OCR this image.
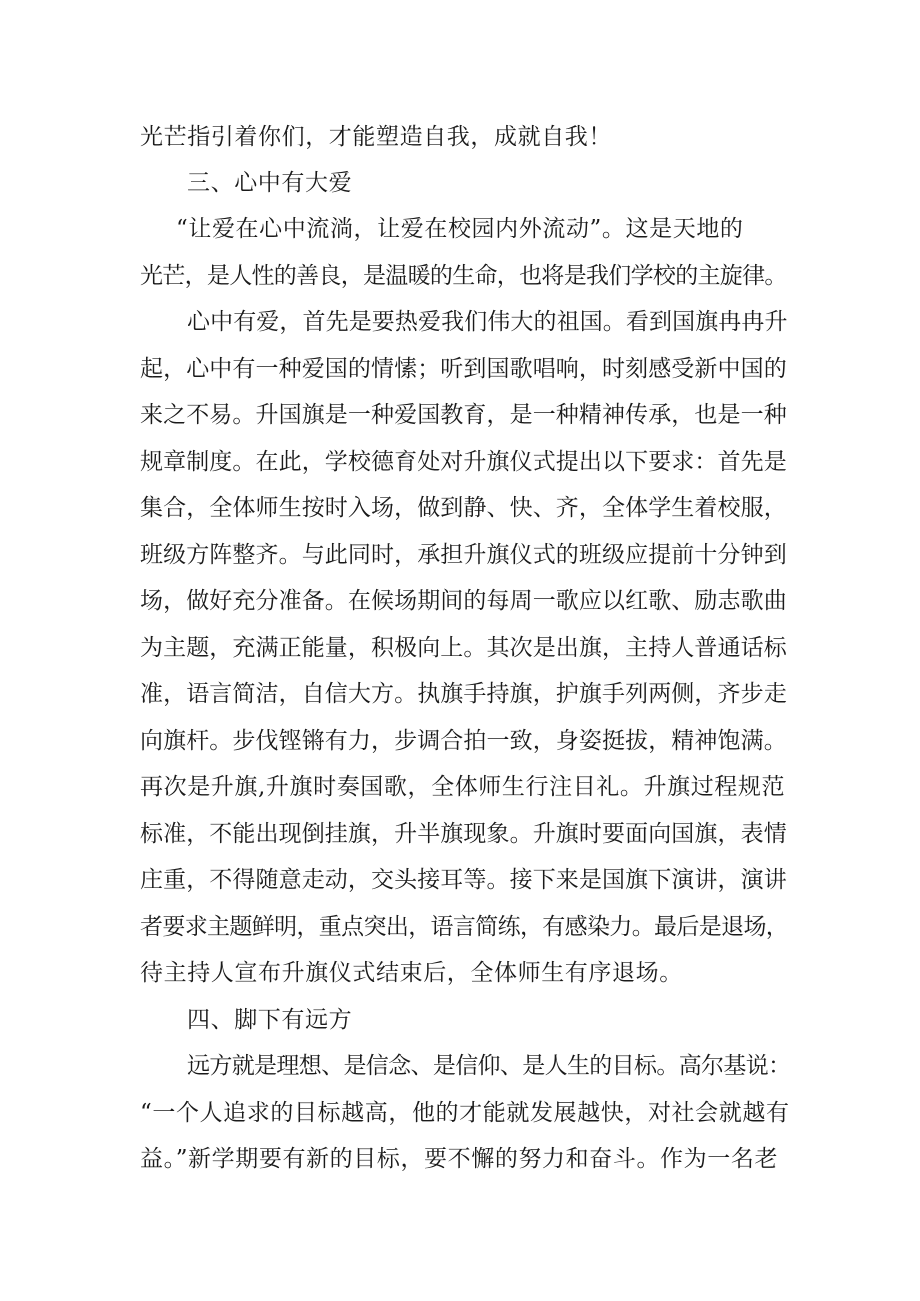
光芒指引着你们，才能塑造自我，成就自我！
三、心中有大爱
“让爱在心中流淌，让爱在校园内外流动”。这是天地的
光芒，是人性的善良，是温暖的生命，也将是我们学校的主旋律。
心中有爱，首先是要热爱我们伟大的祖国。看到国旗冉冉升
起，心中有一种爱国的情愫；听到国歌唱响，时刻感受新中国的
来之不易。升国旗是一种爱国教育，是一种精神传承，也是一种
规章制度。在此，学校德育处对升旗仪式提出以下要求：首先是
集合，全体师生按时入场，做到静、快、齐，全体学生着校服，
班级方阵整齐。与此同时，承担升旗仪式的班级应提前十分钟到
场，做好充分准备。在候场期间的每周一歌应以红歌、励志歌曲
为主题，充满正能量，积极向上。其次是出旗，主持人普通话标
准，语言简洁，自信大方。执旗手持旗，护旗手列两侧，齐步走
向旗杆。步伐铿锵有力，步调合拍一致，身姿挺拔，精神饱满。
再次是升旗,升旗时奏国歌，全体师生行注目礼。升旗过程规范
标准，不能出现倒挂旗，升半旗现象。升旗时要面向国旗，表情
庄重，不得随意走动，交头接耳等。接下来是国旗下演讲，演讲
者要求主题鲜明，重点突出，语言简练，有感染力。最后是退场，
待主持人宣布升旗仪式结束后，全体师生有序退场。
四、脚下有远方
远方就是理想、是信念、是信仰、是人生的目标。高尔基说：
“一个人追求的目标越高，他的才能就发展越快，对社会就越有
益。”新学期要有新的目标，要不懈的努力和奋斗。作为一名老
